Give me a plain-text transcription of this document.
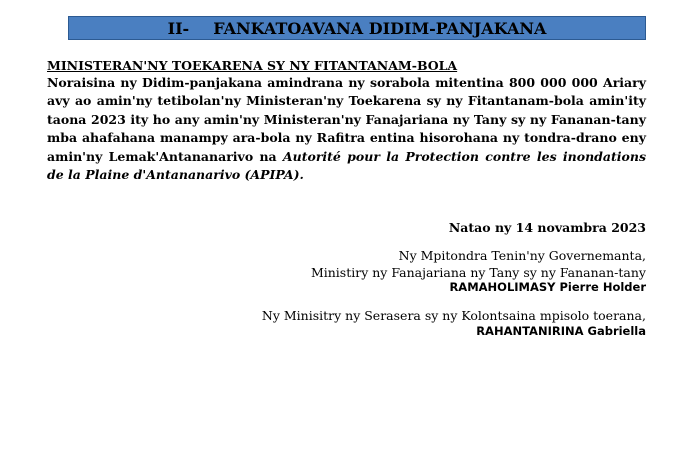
II- FANKATOAVANA DIDIM-PANJAKANA
MINISTERAN'NY TOEKARENA SY NY FITANTANAM-BOLA
Noraisina ny Didim-panjakana amindrana ny sorabola mitentina 800 000 000 Ariary avy ao amin'ny tetibolan'ny Ministeran'ny Toekarena sy ny Fitantanam-bola amin'ity taona 2023 ity ho any amin'ny Ministeran'ny Fanajariana ny Tany sy ny Fananan-tany mba ahafahana manampy ara-bola ny Rafitra entina hisorohana ny tondra-drano eny amin'ny Lemak'Antananarivo na Autorité pour la Protection contre les inondations de la Plaine d'Antananarivo (APIPA).
Natao ny 14 novambra 2023
Ny Mpitondra Tenin'ny Governemanta,
Ministiry ny Fanajariana ny Tany sy ny Fananan-tany
RAMAHOLIMASY Pierre Holder
Ny Minisitry ny Serasera sy ny Kolontsaina mpisolo toerana,
RAHANTANIRINA Gabriella
